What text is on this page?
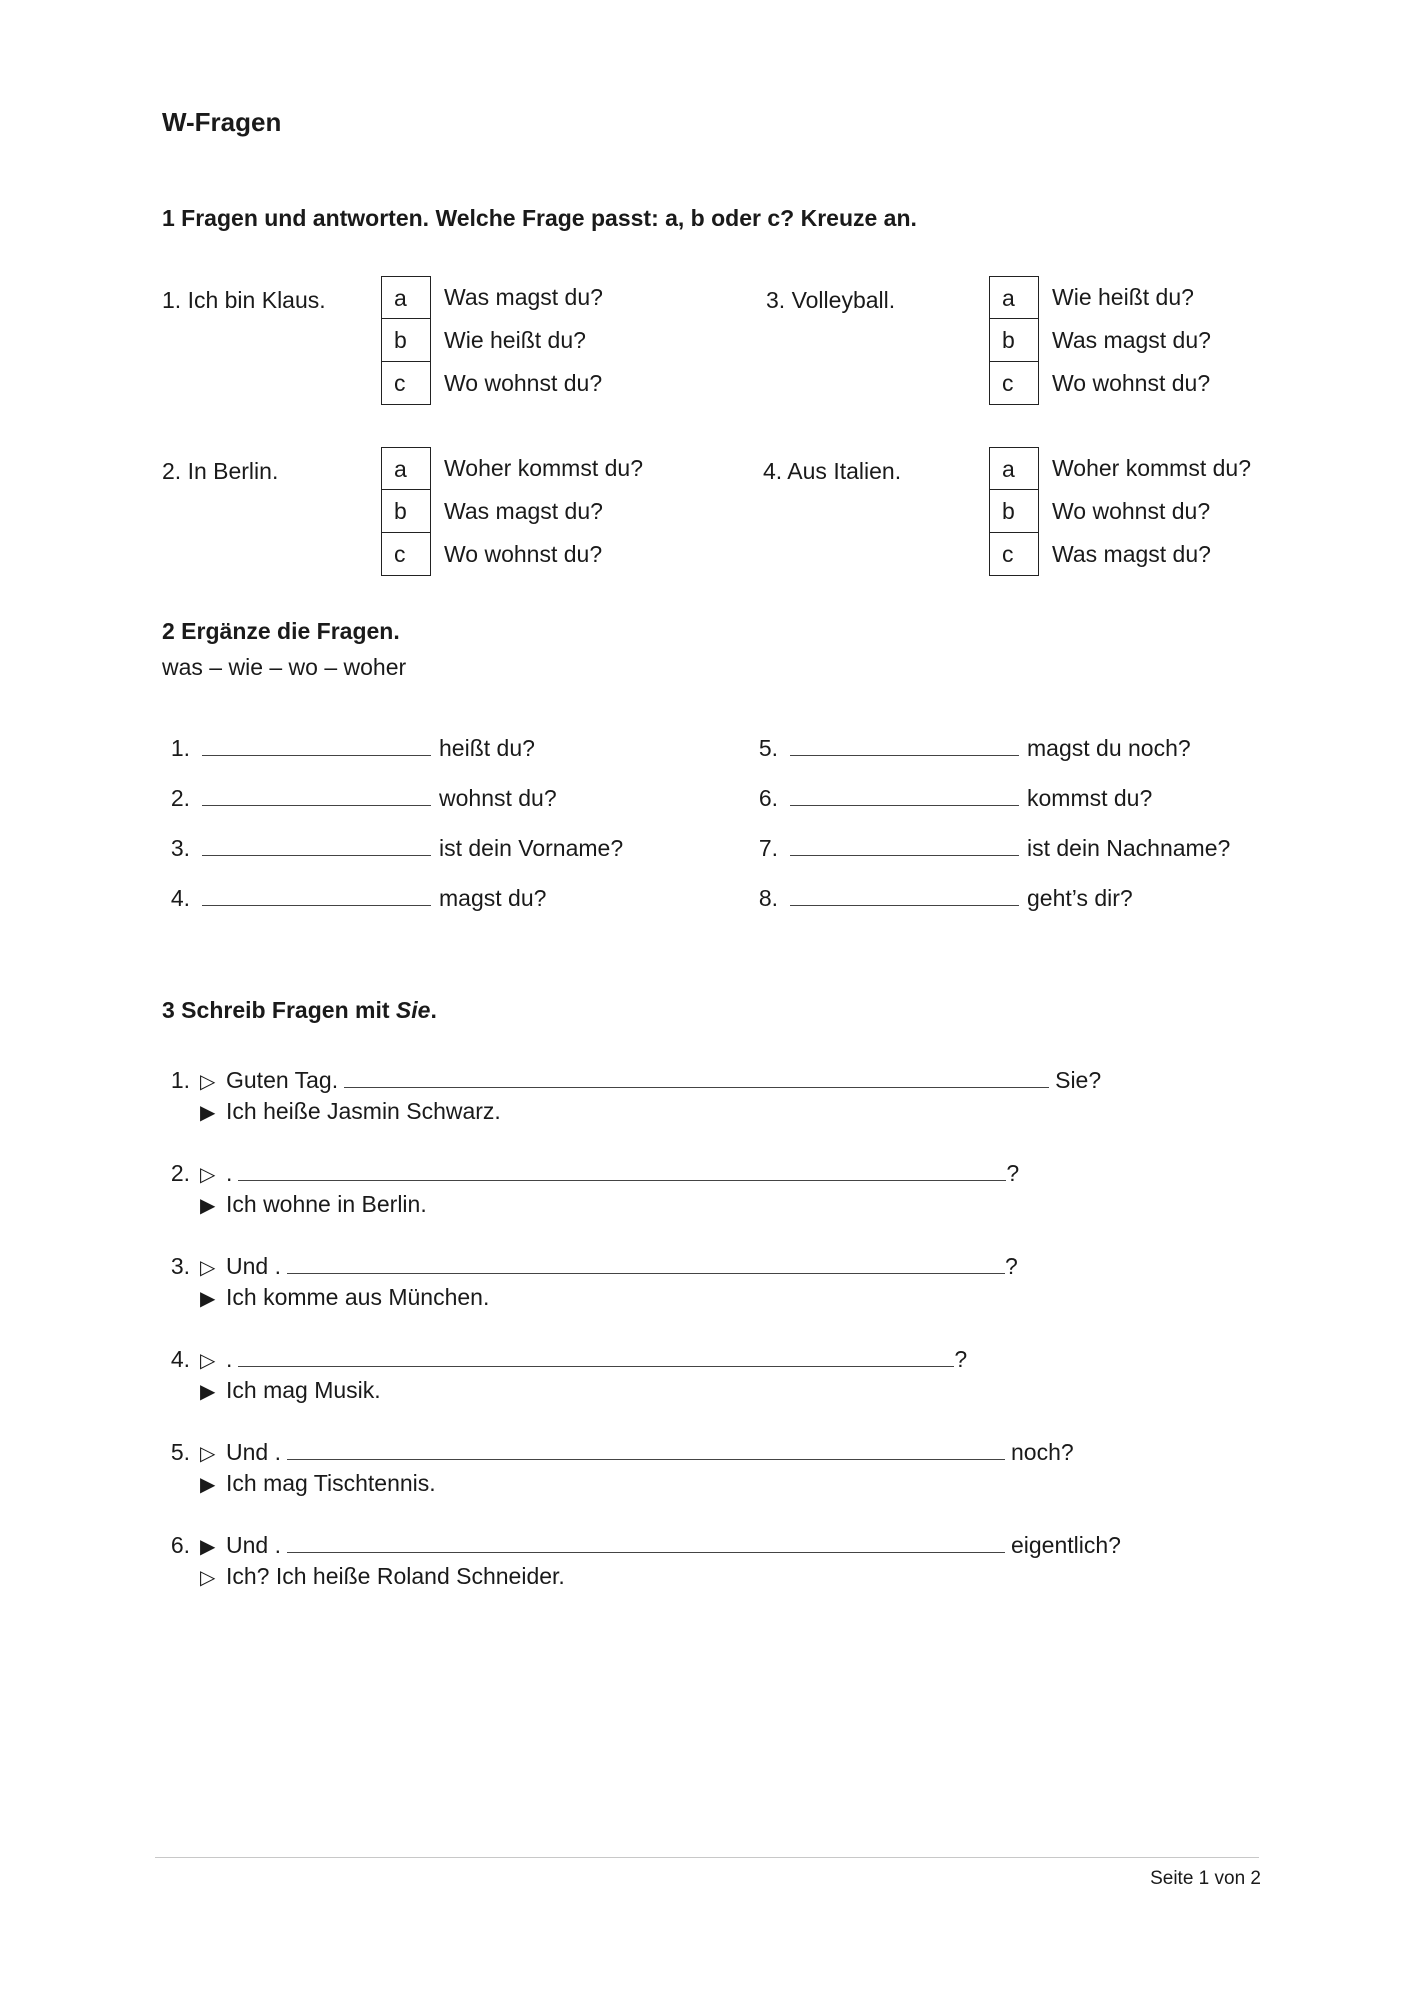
W-Fragen
1 Fragen und antworten. Welche Frage passt: a, b oder c? Kreuze an.
1. Ich bin Klaus.	a	Was magst du?
b	Wie heißt du?
c	Wo wohnst du?
2. In Berlin.	a	Woher kommst du?
b	Was magst du?
c	Wo wohnst du?
3. Volleyball.	a	Wie heißt du?
b	Was magst du?
c	Wo wohnst du?
4. Aus Italien.	a	Woher kommst du?
b	Wo wohnst du?
c	Was magst du?
2 Ergänze die Fragen.
was – wie – wo – woher
1.	heißt du?
2.	wohnst du?
3.	ist dein Vorname?
4.	magst du?
5.	magst du noch?
6.	kommst du?
7.	ist dein Nachname?
8.	geht’s dir?
3 Schreib Fragen mit Sie.
1. ▷ Guten Tag.	Sie?
▶ Ich heiße Jasmin Schwarz.
2. ▷ .	?
▶ Ich wohne in Berlin.
3. ▷ Und .	?
▶ Ich komme aus München.
4. ▷ .	?
▶ Ich mag Musik.
5. ▷ Und .	noch?
▶ Ich mag Tischtennis.
6. ▶ Und .	eigentlich?
▷ Ich? Ich heiße Roland Schneider.
Seite 1 von 2
